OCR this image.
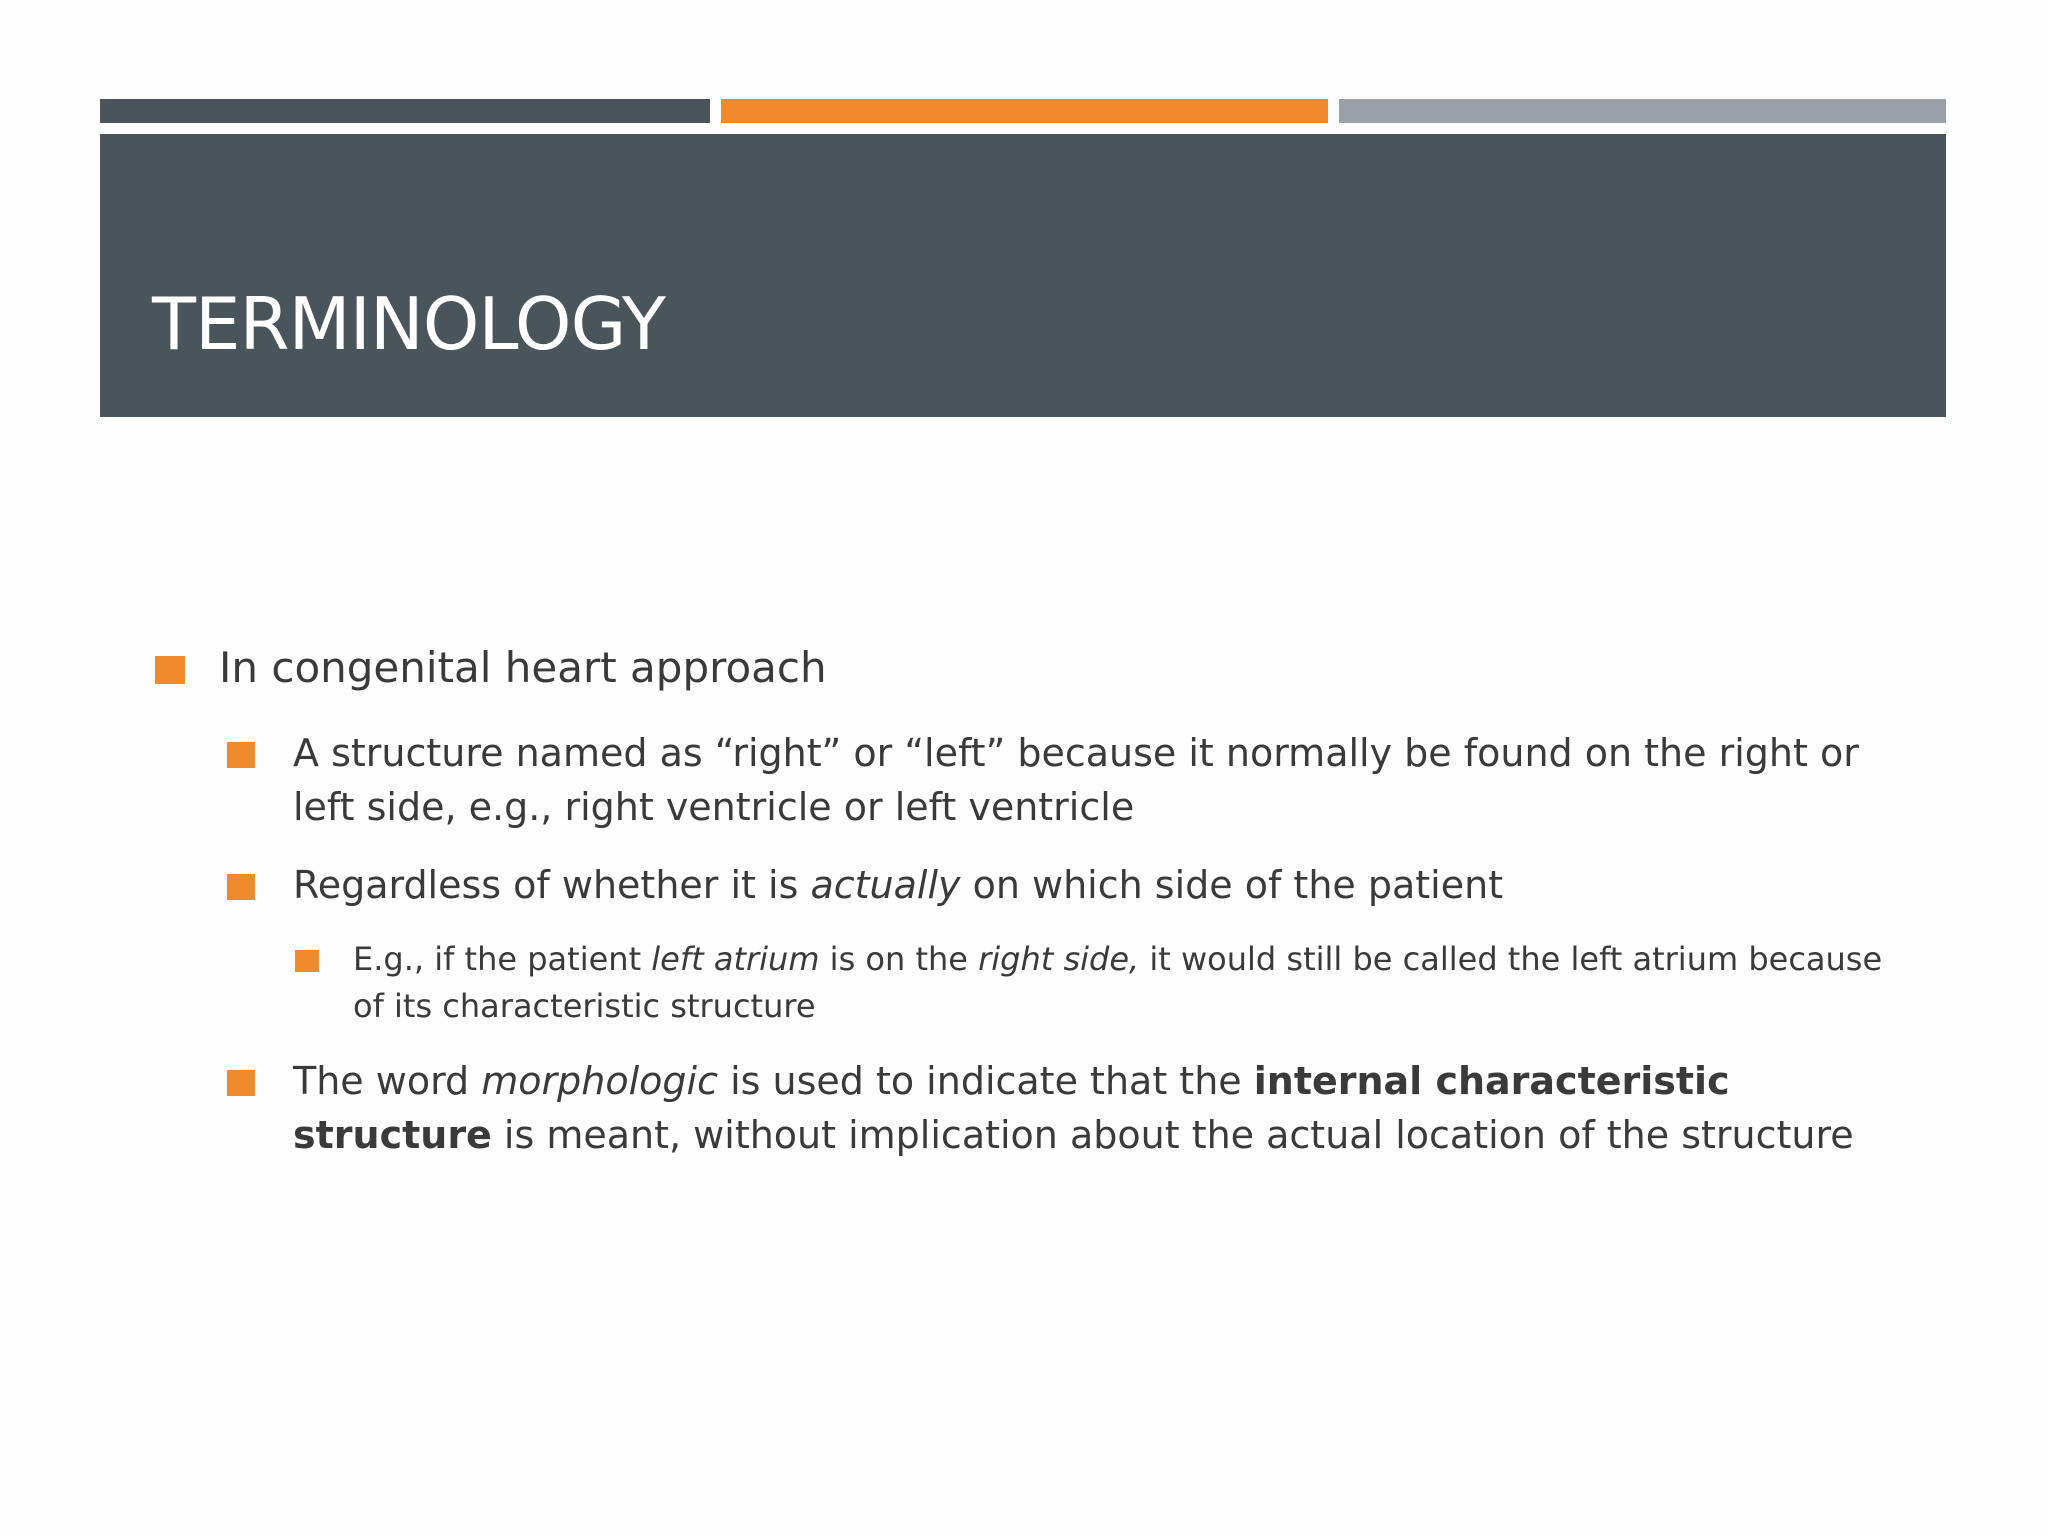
TERMINOLOGY
In congenital heart approach
A structure named as “right” or “left” because it normally be found on the right or left side, e.g., right ventricle or left ventricle
Regardless of whether it is actually on which side of the patient
E.g., if the patient left atrium is on the right side, it would still be called the left atrium because of its characteristic structure
The word morphologic is used to indicate that the internal characteristic structure is meant, without implication about the actual location of the structure
